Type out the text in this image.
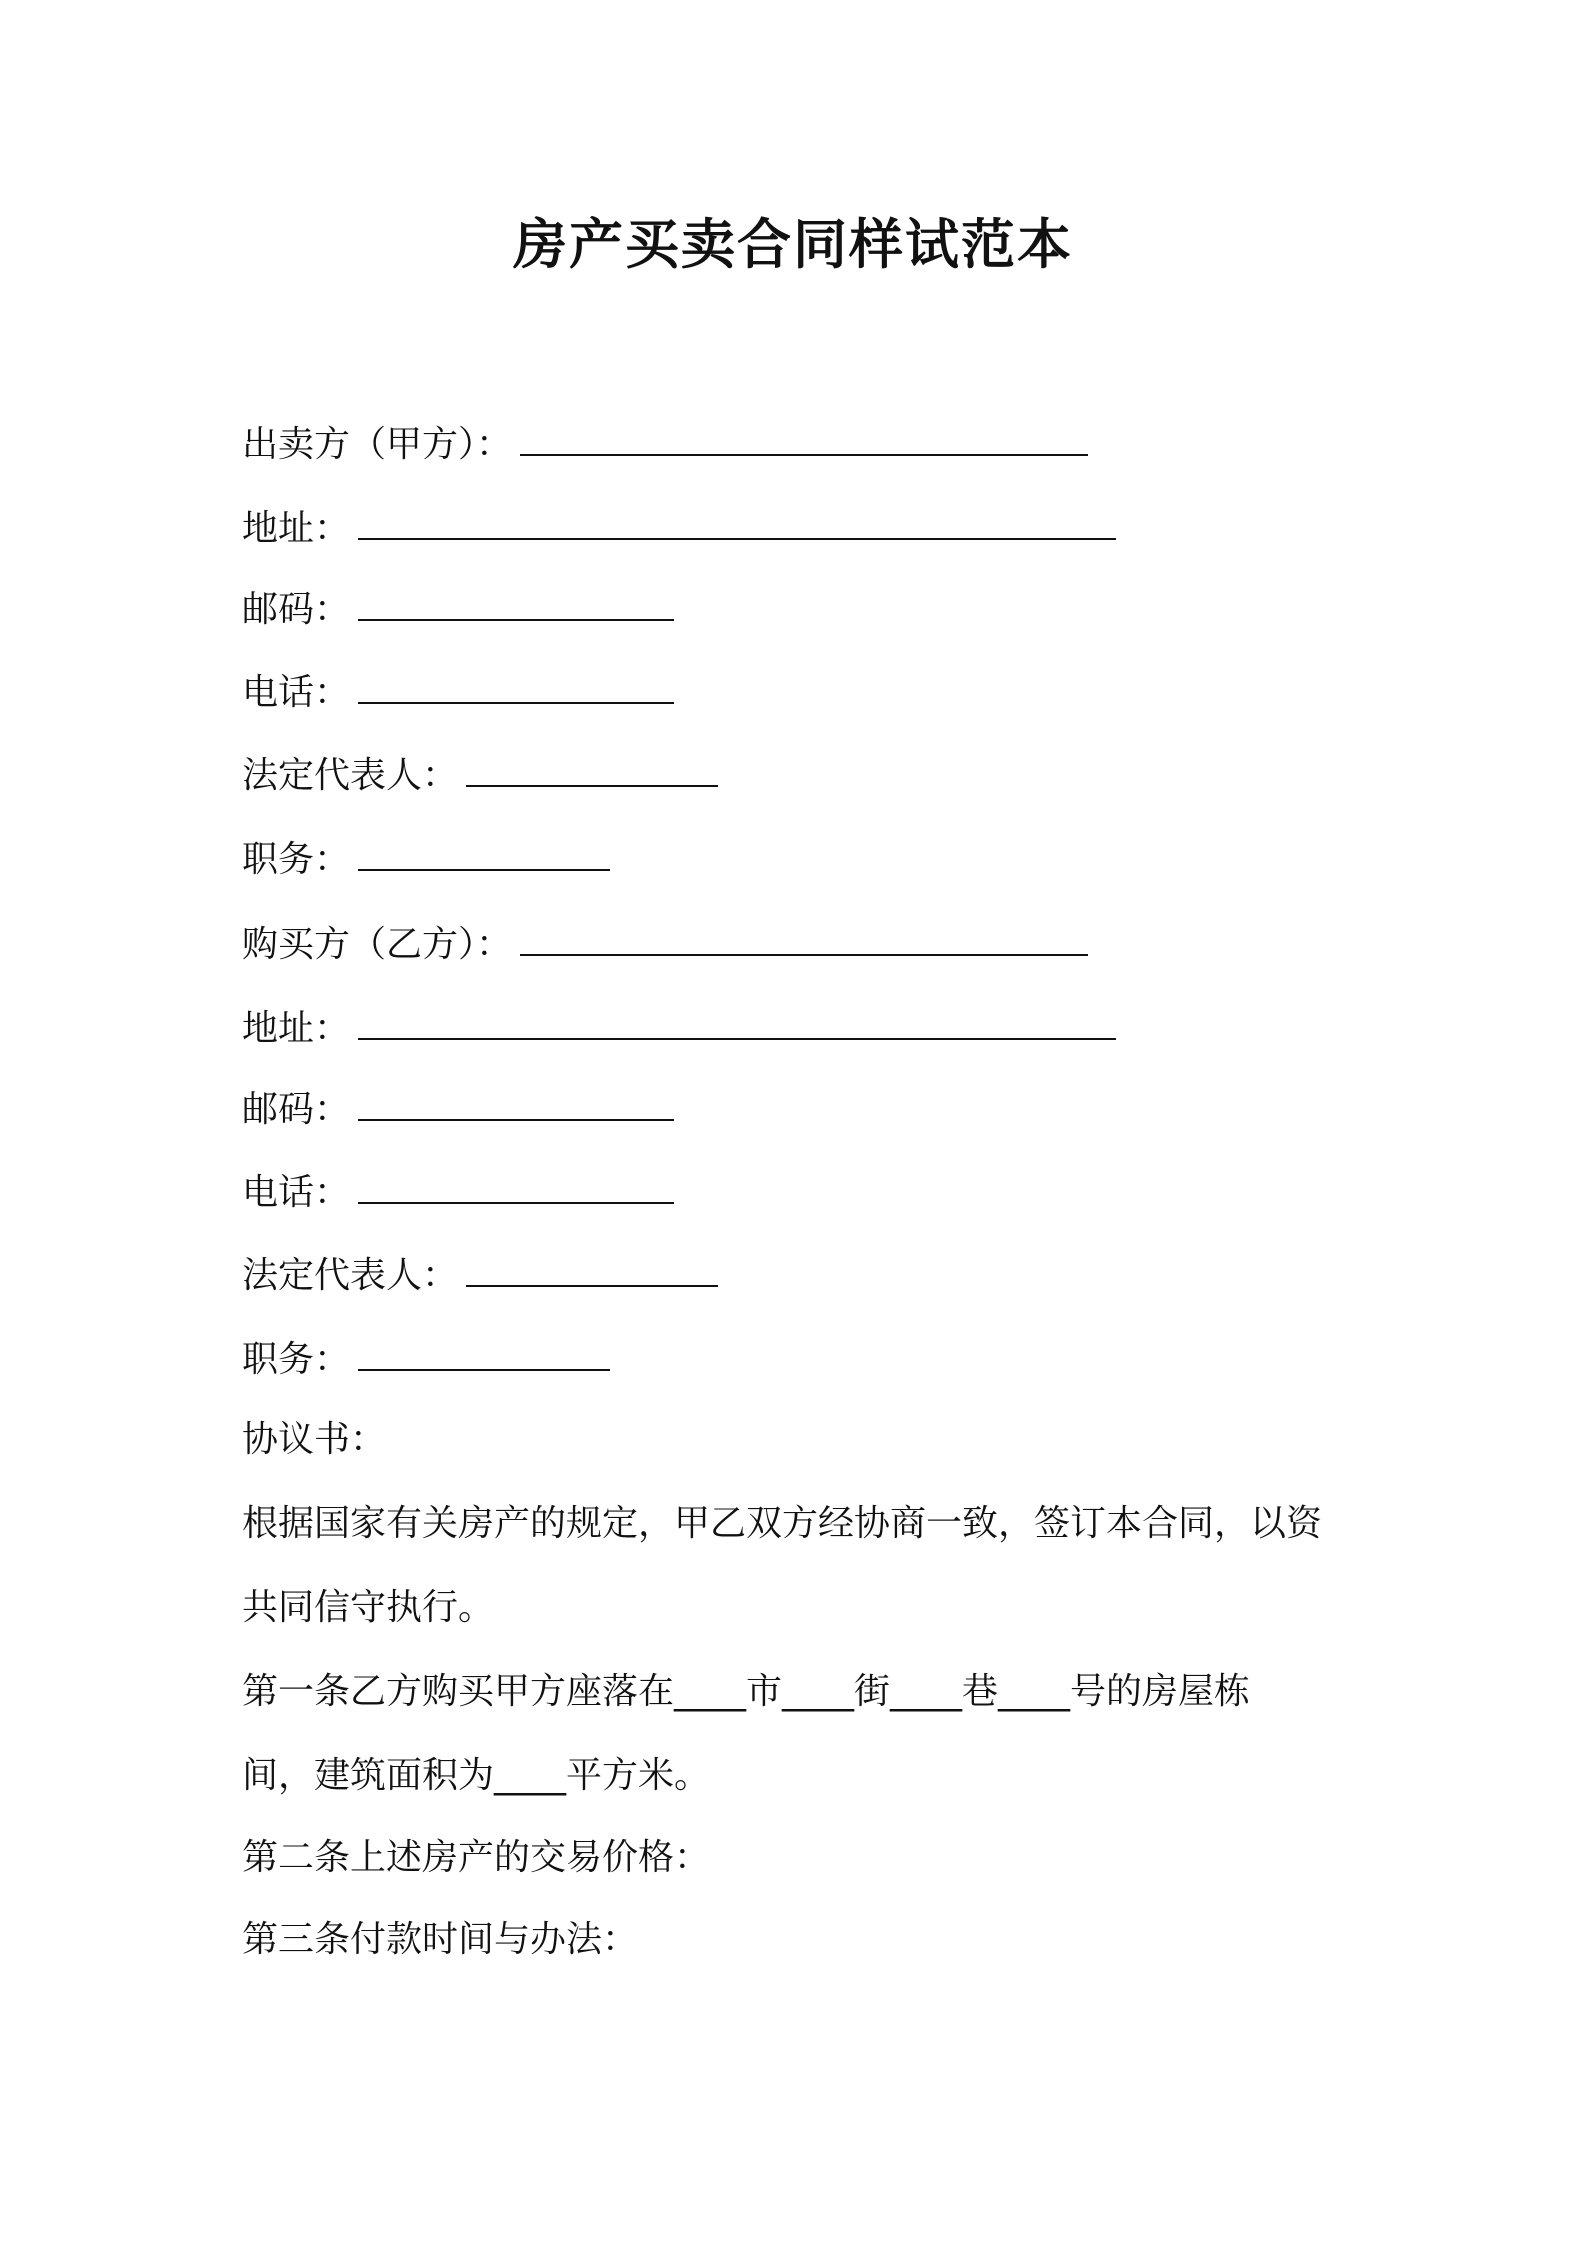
房产买卖合同样试范本
出卖方（甲方）：
地址：
邮码：
电话：
法定代表人：
职务：
购买方（乙方）：
地址：
邮码：
电话：
法定代表人：
职务：
协议书：
根据国家有关房产的规定，甲乙双方经协商一致，签订本合同，以资
共同信守执行。
第一条乙方购买甲方座落在____市____街____巷____号的房屋栋
间，建筑面积为____平方米。
第二条上述房产的交易价格：
第三条付款时间与办法：
